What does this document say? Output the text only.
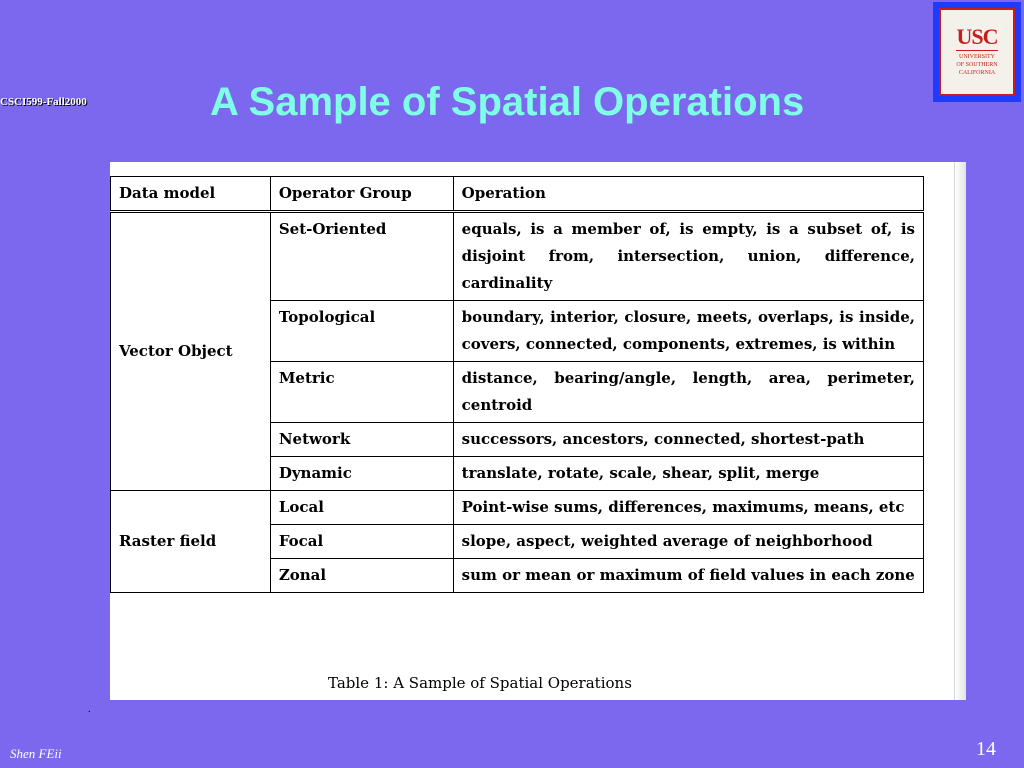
CSCI599-Fall2000	A Sample of Spatial Operations
USC
UNIVERSITY
OF SOUTHERN
CALIFORNIA
Data model	Operator Group	Operation
Vector Object	Set-Oriented	equals, is a member of, is empty, is a subset of, is disjoint from, intersection, union, difference, cardinality
	Topological	boundary, interior, closure, meets, overlaps, is inside, covers, connected, components, extremes, is within
	Metric	distance, bearing/angle, length, area, perimeter, centroid
	Network	successors, ancestors, connected, shortest-path
	Dynamic	translate, rotate, scale, shear, split, merge
Raster field	Local	Point-wise sums, differences, maximums, means, etc
	Focal	slope, aspect, weighted average of neighborhood
	Zonal	sum or mean or maximum of field values in each zone
Table 1: A Sample of Spatial Operations
.
Shen FEii	14
